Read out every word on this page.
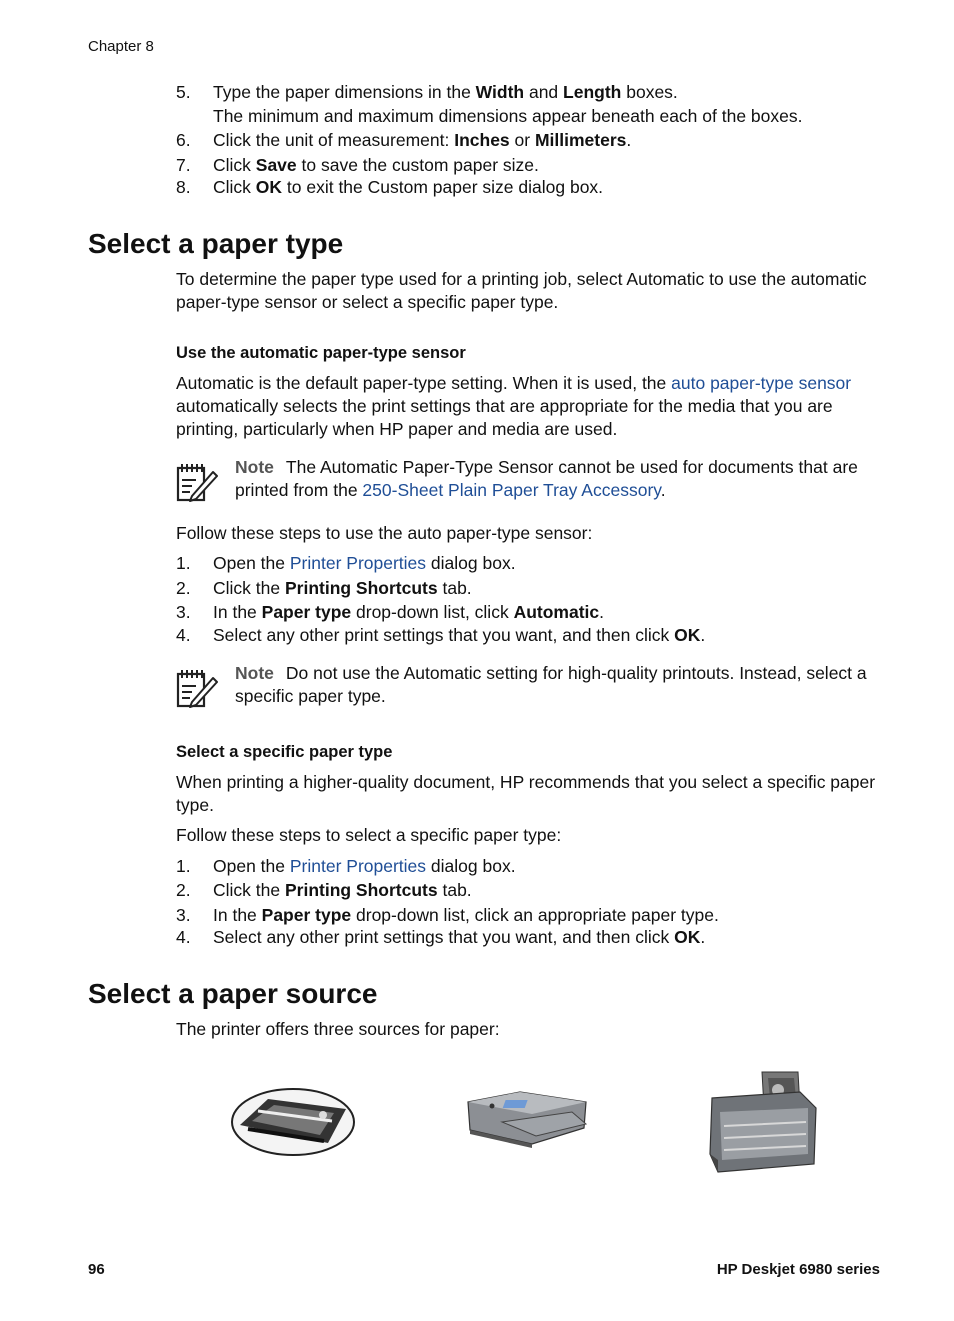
Chapter 8
5. Type the paper dimensions in the Width and Length boxes.
The minimum and maximum dimensions appear beneath each of the boxes.
6. Click the unit of measurement: Inches or Millimeters.
7. Click Save to save the custom paper size.
8. Click OK to exit the Custom paper size dialog box.
Select a paper type
To determine the paper type used for a printing job, select Automatic to use the automatic
paper-type sensor or select a specific paper type.
Use the automatic paper-type sensor
Automatic is the default paper-type setting. When it is used, the auto paper-type sensor automatically selects the print settings that are appropriate for the media that you are printing, particularly when HP paper and media are used.
Note The Automatic Paper-Type Sensor cannot be used for documents that are printed from the 250-Sheet Plain Paper Tray Accessory.
Follow these steps to use the auto paper-type sensor:
1. Open the Printer Properties dialog box.
2. Click the Printing Shortcuts tab.
3. In the Paper type drop-down list, click Automatic.
4. Select any other print settings that you want, and then click OK.
Note Do not use the Automatic setting for high-quality printouts. Instead, select a specific paper type.
Select a specific paper type
When printing a higher-quality document, HP recommends that you select a specific paper type.
Follow these steps to select a specific paper type:
1. Open the Printer Properties dialog box.
2. Click the Printing Shortcuts tab.
3. In the Paper type drop-down list, click an appropriate paper type.
4. Select any other print settings that you want, and then click OK.
Select a paper source
The printer offers three sources for paper:
96	HP Deskjet 6980 series
